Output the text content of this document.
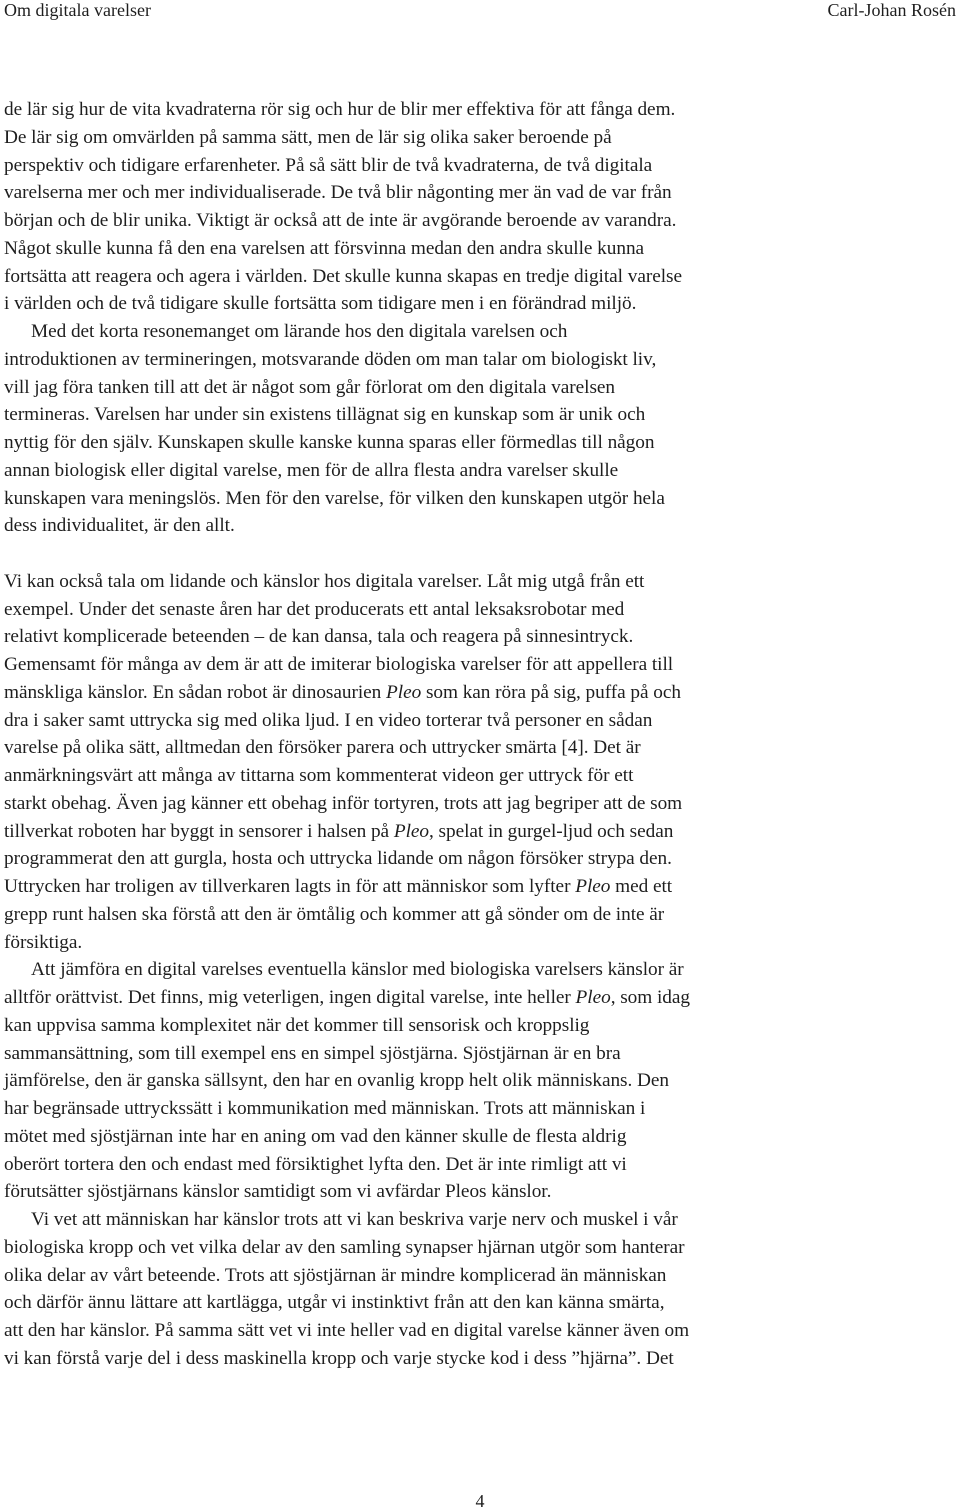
Om digitala varelser	Carl-Johan Rosén
de lär sig hur de vita kvadraterna rör sig och hur de blir mer effektiva för att fånga dem.
De lär sig om omvärlden på samma sätt, men de lär sig olika saker beroende på
perspektiv och tidigare erfarenheter. På så sätt blir de två kvadraterna, de två digitala
varelserna mer och mer individualiserade. De två blir någonting mer än vad de var från
början och de blir unika. Viktigt är också att de inte är avgörande beroende av varandra.
Något skulle kunna få den ena varelsen att försvinna medan den andra skulle kunna
fortsätta att reagera och agera i världen. Det skulle kunna skapas en tredje digital varelse
i världen och de två tidigare skulle fortsätta som tidigare men i en förändrad miljö.
Med det korta resonemanget om lärande hos den digitala varelsen och
introduktionen av termineringen, motsvarande döden om man talar om biologiskt liv,
vill jag föra tanken till att det är något som går förlorat om den digitala varelsen
termineras. Varelsen har under sin existens tillägnat sig en kunskap som är unik och
nyttig för den själv. Kunskapen skulle kanske kunna sparas eller förmedlas till någon
annan biologisk eller digital varelse, men för de allra flesta andra varelser skulle
kunskapen vara meningslös. Men för den varelse, för vilken den kunskapen utgör hela
dess individualitet, är den allt.
Vi kan också tala om lidande och känslor hos digitala varelser. Låt mig utgå från ett
exempel. Under det senaste åren har det producerats ett antal leksaksrobotar med
relativt komplicerade beteenden – de kan dansa, tala och reagera på sinnesintryck.
Gemensamt för många av dem är att de imiterar biologiska varelser för att appellera till
mänskliga känslor. En sådan robot är dinosaurien Pleo som kan röra på sig, puffa på och
dra i saker samt uttrycka sig med olika ljud. I en video torterar två personer en sådan
varelse på olika sätt, alltmedan den försöker parera och uttrycker smärta [4]. Det är
anmärkningsvärt att många av tittarna som kommenterat videon ger uttryck för ett
starkt obehag. Även jag känner ett obehag inför tortyren, trots att jag begriper att de som
tillverkat roboten har byggt in sensorer i halsen på Pleo, spelat in gurgel-ljud och sedan
programmerat den att gurgla, hosta och uttrycka lidande om någon försöker strypa den.
Uttrycken har troligen av tillverkaren lagts in för att människor som lyfter Pleo med ett
grepp runt halsen ska förstå att den är ömtålig och kommer att gå sönder om de inte är
försiktiga.
Att jämföra en digital varelses eventuella känslor med biologiska varelsers känslor är
alltför orättvist. Det finns, mig veterligen, ingen digital varelse, inte heller Pleo, som idag
kan uppvisa samma komplexitet när det kommer till sensorisk och kroppslig
sammansättning, som till exempel ens en simpel sjöstjärna. Sjöstjärnan är en bra
jämförelse, den är ganska sällsynt, den har en ovanlig kropp helt olik människans. Den
har begränsade uttryckssätt i kommunikation med människan. Trots att människan i
mötet med sjöstjärnan inte har en aning om vad den känner skulle de flesta aldrig
oberört tortera den och endast med försiktighet lyfta den. Det är inte rimligt att vi
förutsätter sjöstjärnans känslor samtidigt som vi avfärdar Pleos känslor.
Vi vet att människan har känslor trots att vi kan beskriva varje nerv och muskel i vår
biologiska kropp och vet vilka delar av den samling synapser hjärnan utgör som hanterar
olika delar av vårt beteende. Trots att sjöstjärnan är mindre komplicerad än människan
och därför ännu lättare att kartlägga, utgår vi instinktivt från att den kan känna smärta,
att den har känslor. På samma sätt vet vi inte heller vad en digital varelse känner även om
vi kan förstå varje del i dess maskinella kropp och varje stycke kod i dess ”hjärna”. Det
4
